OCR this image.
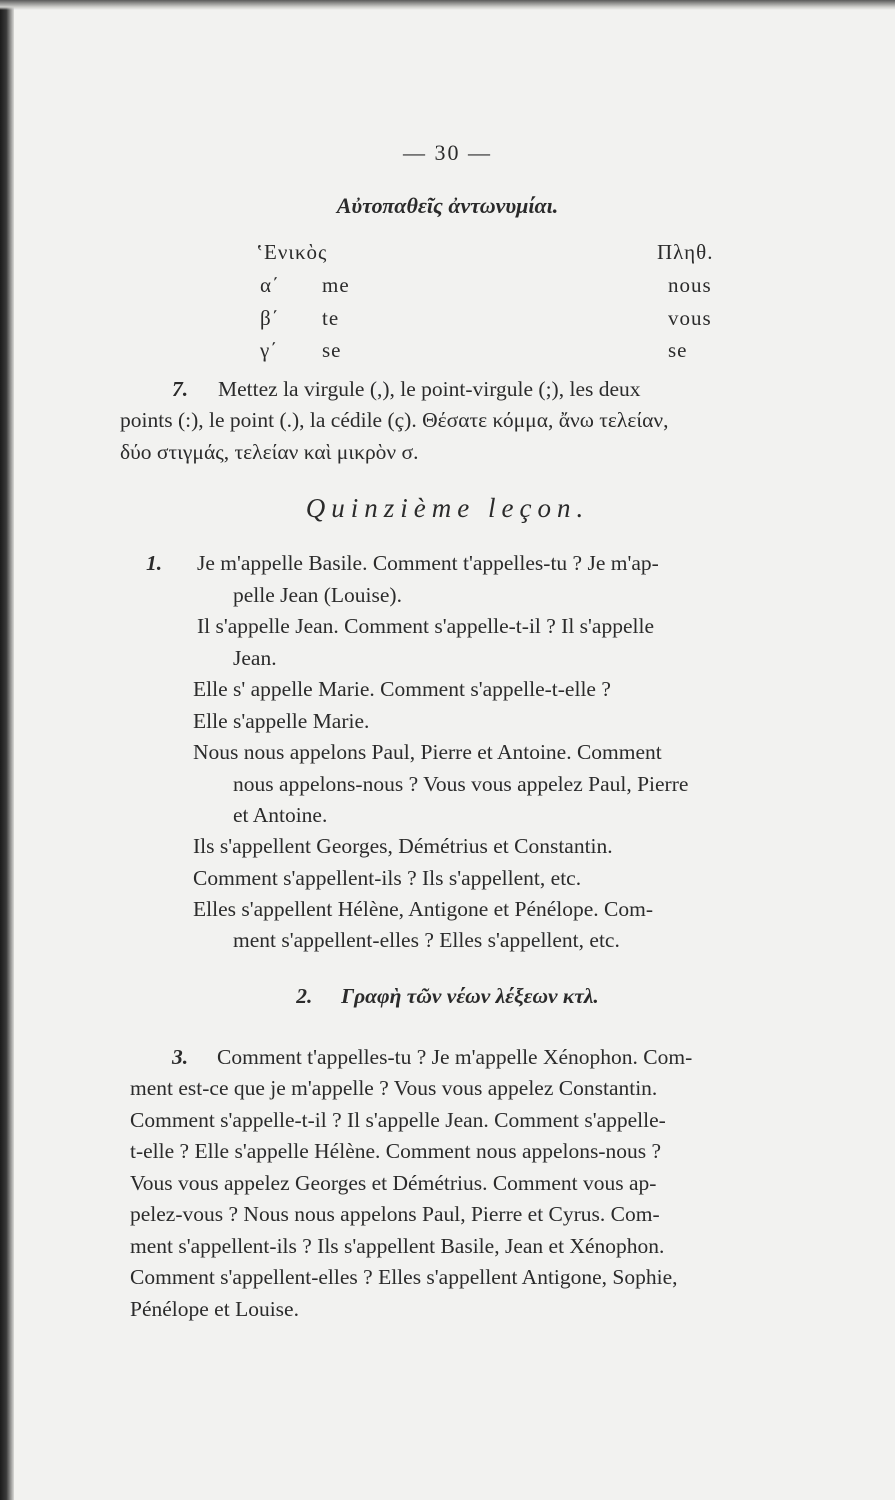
— 30 —
Αὐτοπαθεῖς ἀντωνυμίαι.
ʽΕνικὸς	Πληθ.
α΄ me	nous
β΄ te	vous
γ΄ se	se
7. Mettez la virgule (,), le point-virgule (;), les deux
points (:), le point (.), la cédile (ç). Θέσατε κόμμα, ἄνω τελείαν,
δύο στιγμάς, τελείαν καὶ μικρὸν σ.
Quinzième leçon.
1. Je m'appelle Basile. Comment t'appelles-tu ? Je m'ap-
pelle Jean (Louise).
Il s'appelle Jean. Comment s'appelle-t-il ? Il s'appelle
Jean.
Elle s' appelle Marie. Comment s'appelle-t-elle ?
Elle s'appelle Marie.
Nous nous appelons Paul, Pierre et Antoine. Comment
nous appelons-nous ? Vous vous appelez Paul, Pierre
et Antoine.
Ils s'appellent Georges, Démétrius et Constantin.
Comment s'appellent-ils ? Ils s'appellent, etc.
Elles s'appellent Hélène, Antigone et Pénélope. Com-
ment s'appellent-elles ? Elles s'appellent, etc.
2. Γραφὴ τῶν νέων λέξεων κτλ.
3. Comment t'appelles-tu ? Je m'appelle Xénophon. Com-
ment est-ce que je m'appelle ? Vous vous appelez Constantin.
Comment s'appelle-t-il ? Il s'appelle Jean. Comment s'appelle-
t-elle ? Elle s'appelle Hélène. Comment nous appelons-nous ?
Vous vous appelez Georges et Démétrius. Comment vous ap-
pelez-vous ? Nous nous appelons Paul, Pierre et Cyrus. Com-
ment s'appellent-ils ? Ils s'appellent Basile, Jean et Xénophon.
Comment s'appellent-elles ? Elles s'appellent Antigone, Sophie,
Pénélope et Louise.
